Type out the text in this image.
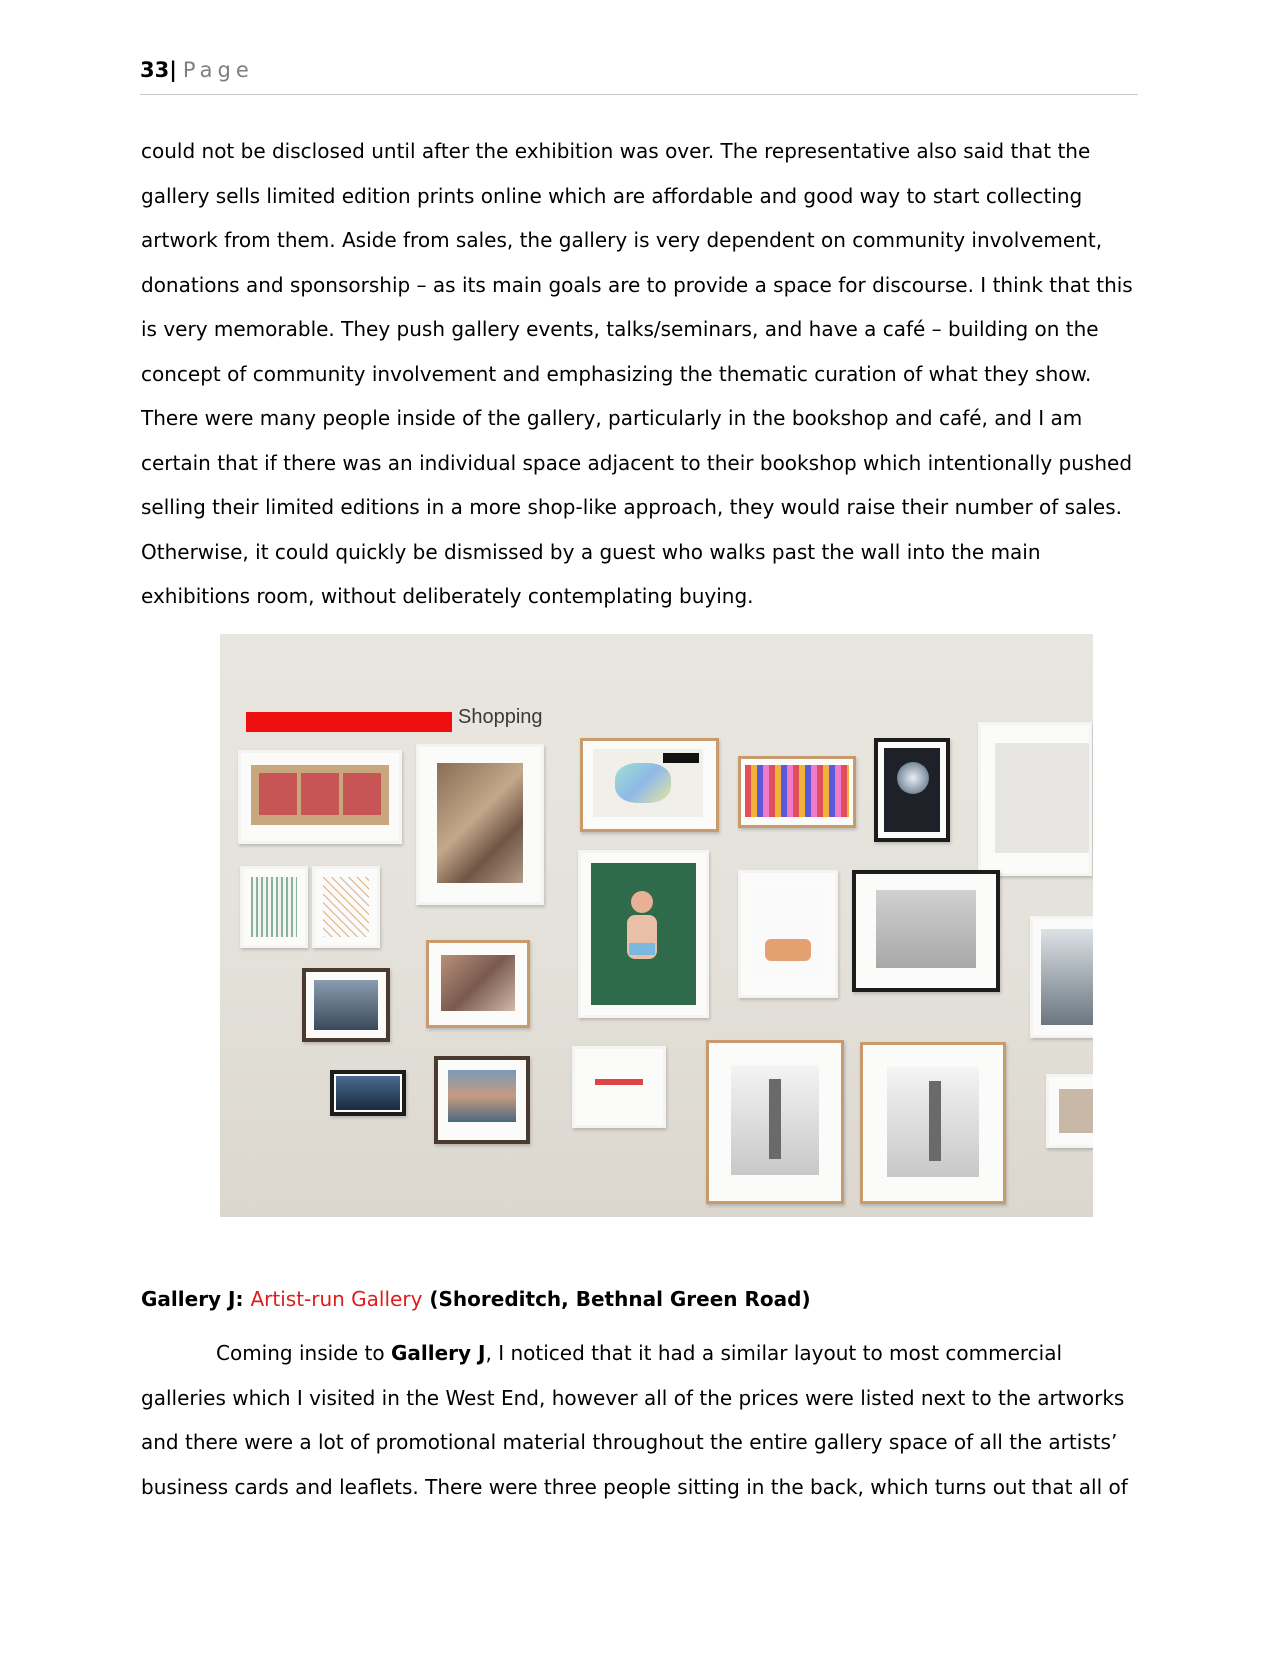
33| Page

could not be disclosed until after the exhibition was over. The representative also said that the gallery sells limited edition prints online which are affordable and good way to start collecting artwork from them. Aside from sales, the gallery is very dependent on community involvement, donations and sponsorship – as its main goals are to provide a space for discourse. I think that this is very memorable. They push gallery events, talks/seminars, and have a café – building on the concept of community involvement and emphasizing the thematic curation of what they show. There were many people inside of the gallery, particularly in the bookshop and café, and I am certain that if there was an individual space adjacent to their bookshop which intentionally pushed selling their limited editions in a more shop-like approach, they would raise their number of sales. Otherwise, it could quickly be dismissed by a guest who walks past the wall into the main exhibitions room, without deliberately contemplating buying.

Shopping

Gallery J: Artist-run Gallery (Shoreditch, Bethnal Green Road)

Coming inside to Gallery J, I noticed that it had a similar layout to most commercial galleries which I visited in the West End, however all of the prices were listed next to the artworks and there were a lot of promotional material throughout the entire gallery space of all the artists’ business cards and leaflets. There were three people sitting in the back, which turns out that all of
